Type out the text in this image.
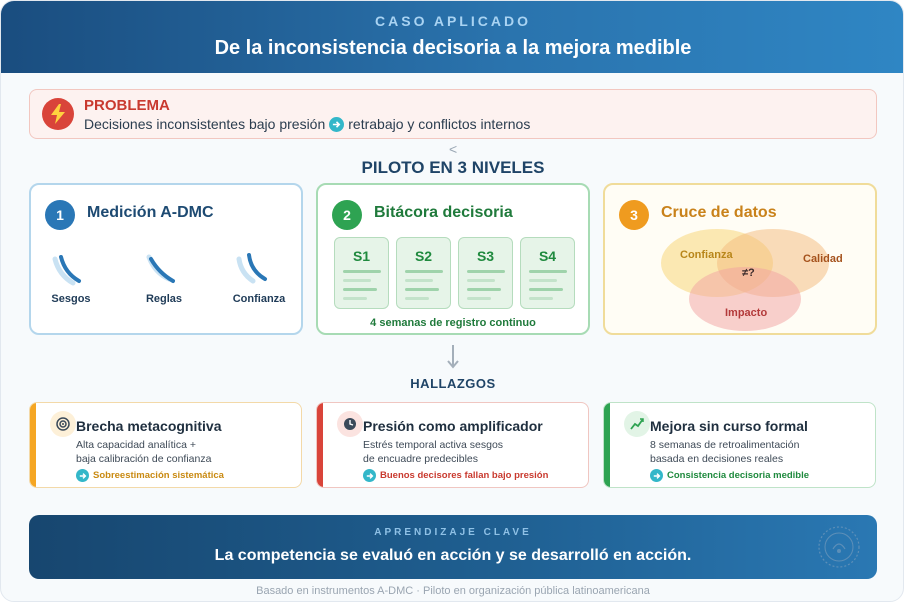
CASO APLICADO
De la inconsistencia decisoria a la mejora medible
PROBLEMA
Decisiones inconsistentes bajo presión retrabajo y conflictos internos
<
PILOTO EN 3 NIVELES
1	Medición A-DMC
Sesgos	Reglas	Confianza
2	Bitácora decisoria
S1	S2	S3	S4
4 semanas de registro continuo
3	Cruce de datos
Confianza	Calidad
Impacto
≠?
HALLAZGOS
Brecha metacognitiva
Alta capacidad analítica +
baja calibración de confianza
Sobreestimación sistemática
Presión como amplificador
Estrés temporal activa sesgos
de encuadre predecibles
Buenos decisores fallan bajo presión
Mejora sin curso formal
8 semanas de retroalimentación
basada en decisiones reales
Consistencia decisoria medible
APRENDIZAJE CLAVE
La competencia se evaluó en acción y se desarrolló en acción.
Basado en instrumentos A-DMC · Piloto en organización pública latinoamericana
